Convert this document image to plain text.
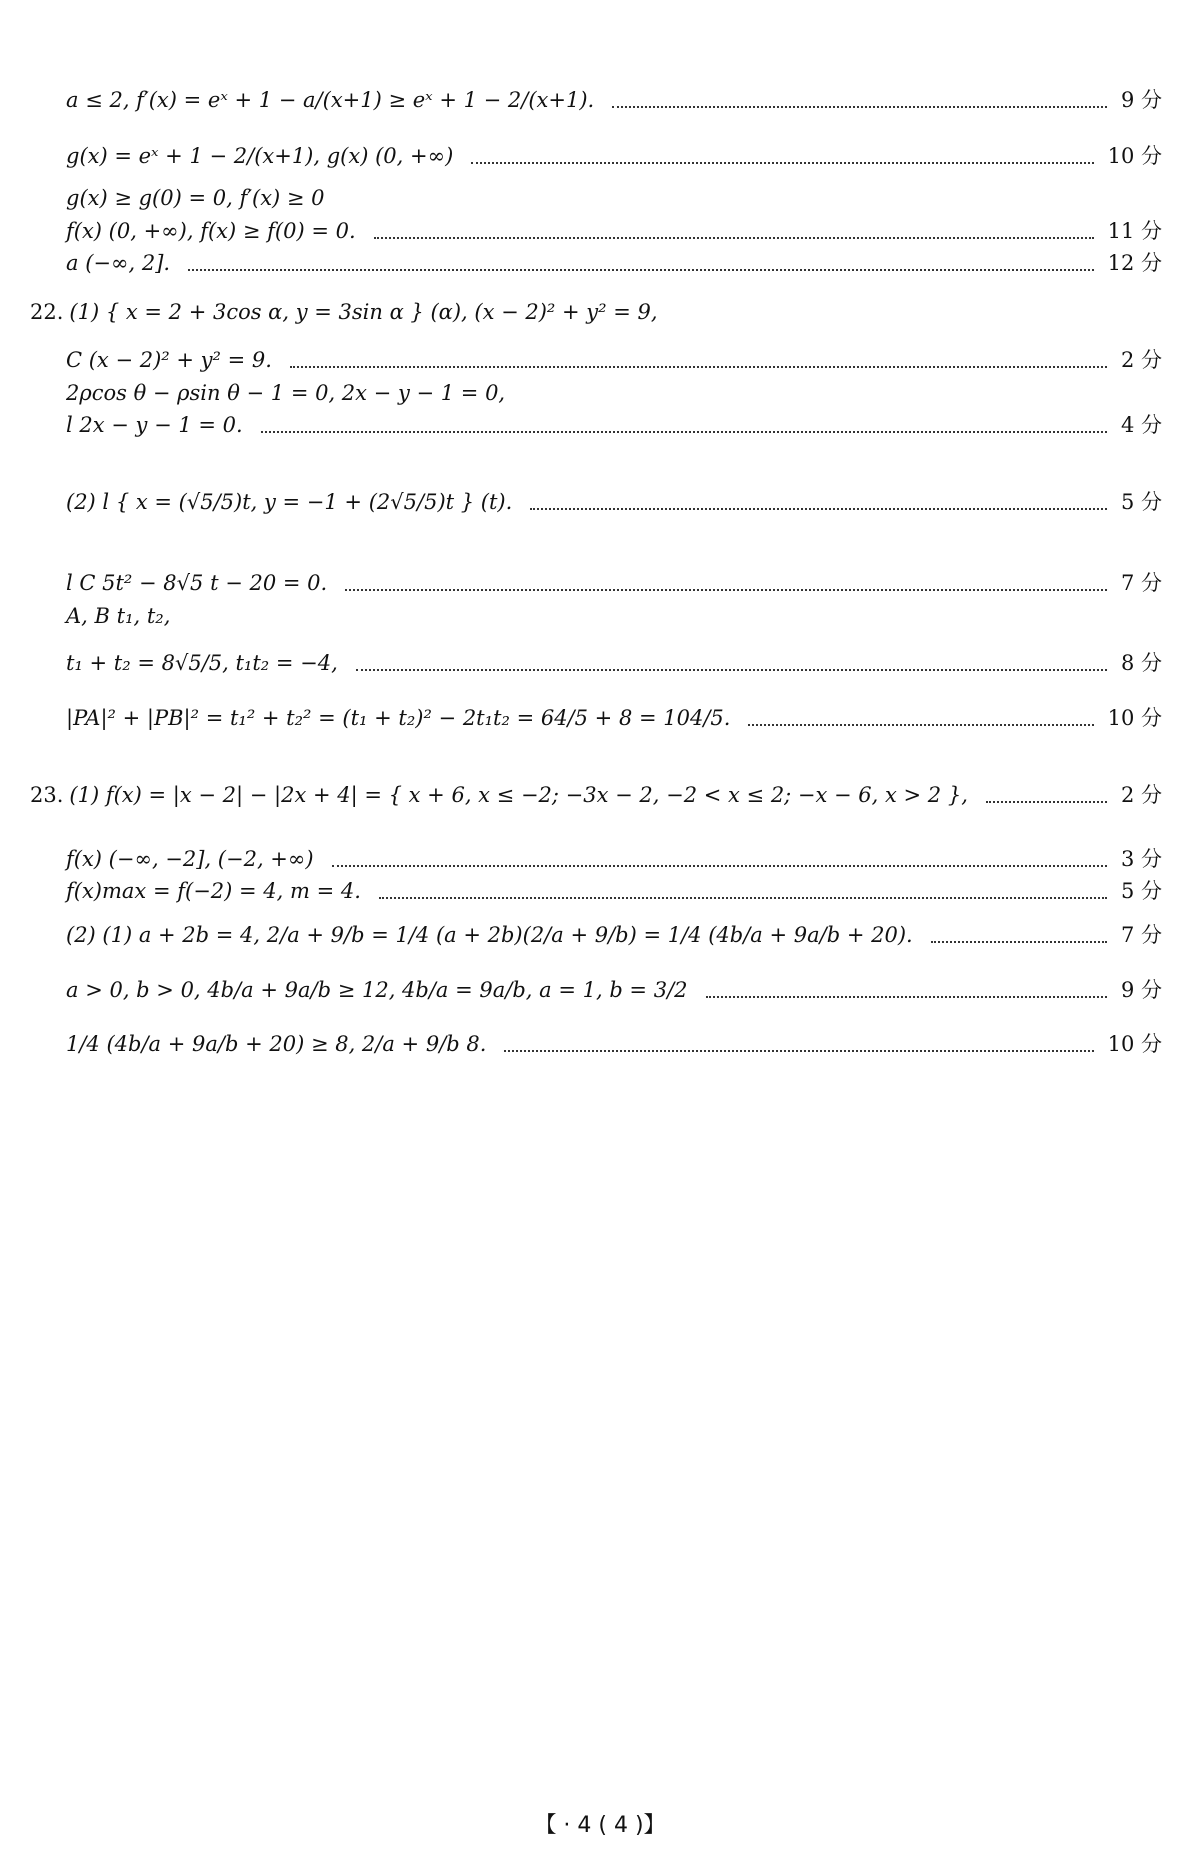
a ≤ 2, f′(x) = eˣ + 1 − a/(x+1) ≥ eˣ + 1 − 2/(x+1).	9 分
g(x) = eˣ + 1 − 2/(x+1), g(x) (0, +∞)	10 分
g(x) ≥ g(0) = 0, f′(x) ≥ 0
f(x) (0, +∞), f(x) ≥ f(0) = 0.	11 分
a (−∞, 2].	12 分
22. (1) { x = 2 + 3cos α, y = 3sin α } (α), (x − 2)² + y² = 9,
C (x − 2)² + y² = 9.	2 分
2ρcos θ − ρsin θ − 1 = 0, 2x − y − 1 = 0,
l 2x − y − 1 = 0.	4 分
(2) l { x = (√5/5)t, y = −1 + (2√5/5)t } (t).	5 分
l C 5t² − 8√5 t − 20 = 0.	7 分
A, B t₁, t₂,
t₁ + t₂ = 8√5/5, t₁t₂ = −4,	8 分
|PA|² + |PB|² = t₁² + t₂² = (t₁ + t₂)² − 2t₁t₂ = 64/5 + 8 = 104/5.	10 分
23. (1) f(x) = |x − 2| − |2x + 4| = { x + 6, x ≤ −2; −3x − 2, −2 < x ≤ 2; −x − 6, x > 2 },	2 分
f(x) (−∞, −2], (−2, +∞)	3 分
f(x)max = f(−2) = 4, m = 4.	5 分
(2) (1) a + 2b = 4, 2/a + 9/b = 1/4 (a + 2b)(2/a + 9/b) = 1/4 (4b/a + 9a/b + 20).	7 分
a > 0, b > 0, 4b/a + 9a/b ≥ 12, 4b/a = 9a/b, a = 1, b = 3/2	9 分
1/4 (4b/a + 9a/b + 20) ≥ 8, 2/a + 9/b 8.	10 分
【 · 4 ( 4 )】
